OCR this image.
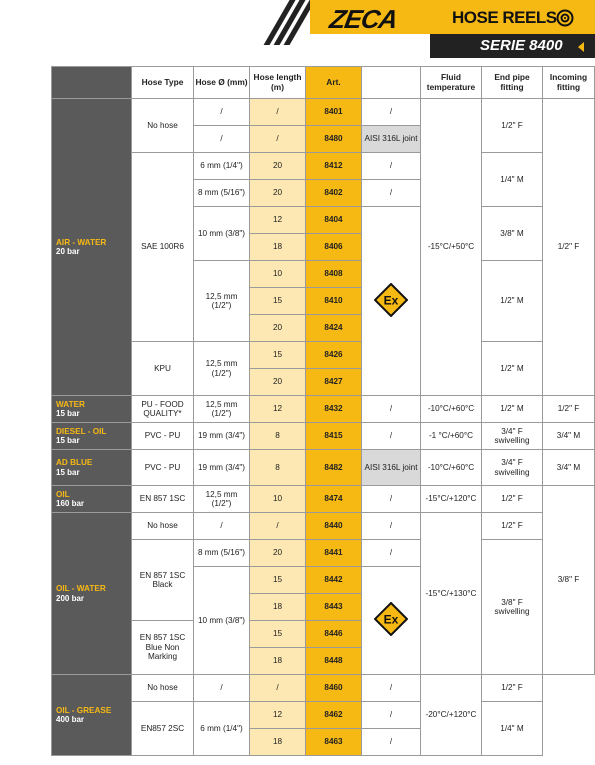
ZECA	HOSE REELS
SERIE 8400
	Hose Type	Hose Ø (mm)	Hose length (m)	Art.		Fluid temperature	End pipe fitting	Incoming fitting

AIR - WATER
20 bar	No hose	/	/	8401	/	-15°C/+50°C	1/2" F	1/2" F
		/	/	8480	AISI 316L joint			
	SAE 100R6	6 mm (1/4")	20	8412	/		1/4" M	
		8 mm (5/16")	20	8402	/			
		10 mm (3/8")	12	8404	Ex		3/8" M	
			18	8406				
		12,5 mm (1/2")	10	8408			1/2" M	
			15	8410				
			20	8424				
	KPU	12,5 mm (1/2")	15	8426			1/2" M	
			20	8427				

WATER
15 bar	PU - FOOD QUALITY*	12,5 mm (1/2")	12	8432	/	-10°C/+60°C	1/2" M	1/2" F

DIESEL - OIL
15 bar	PVC - PU	19 mm (3/4")	8	8415	/	-1 °C/+60°C	3/4" F swivelling	3/4" M

AD BLUE
15 bar	PVC - PU	19 mm (3/4")	8	8482	AISI 316L joint	-10°C/+60°C	3/4" F swivelling	3/4" M

OIL
160 bar	EN 857 1SC	12,5 mm (1/2")	10	8474	/	-15°C/+120°C	1/2" F	3/8" F

OIL - WATER
200 bar	No hose	/	/	8440	/	-15°C/+130°C	1/2" F	
	EN 857 1SC Black	8 mm (5/16")	20	8441	/		3/8" F swivelling	
		10 mm (3/8")	15	8442	Ex			

			18	8443				
	EN 857 1SC Blue Non Marking		15	8446				
			18	8448				

OIL - GREASE
400 bar	No hose	/	/	8460	/	-20°C/+120°C	1/2" F	
	EN857 2SC	6 mm (1/4")	12	8462	/		1/4" M	
			18	8463	/			
